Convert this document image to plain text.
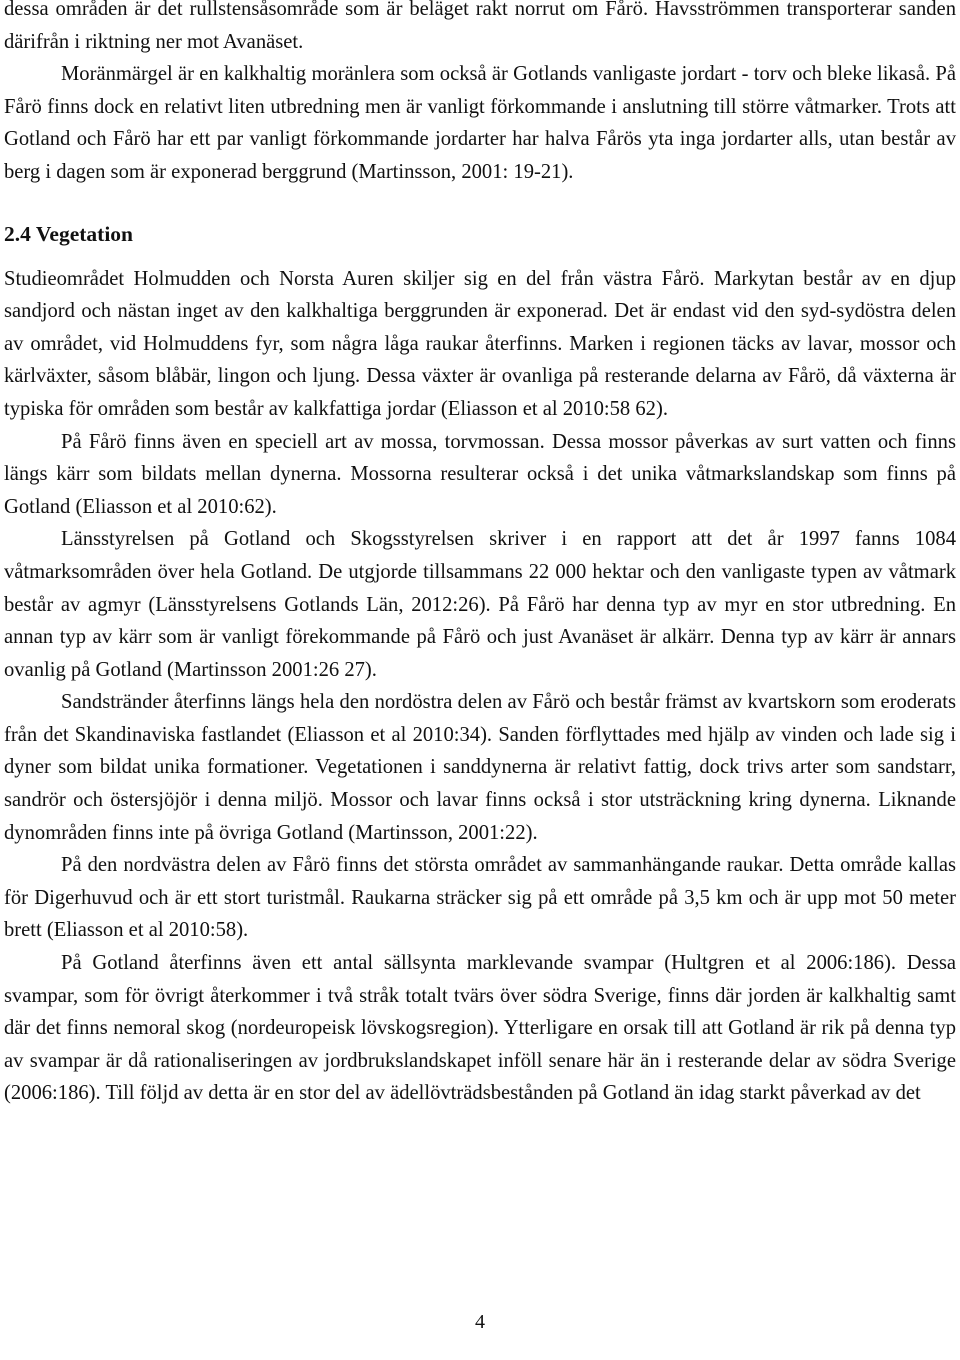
dessa områden är det rullstensåsområde som är beläget rakt norrut om Fårö. Havsströmmen transporterar sanden därifrån i riktning ner mot Avanäset.

Moränmärgel är en kalkhaltig moränlera som också är Gotlands vanligaste jordart - torv och bleke likaså. På Fårö finns dock en relativt liten utbredning men är vanligt förkommande i anslutning till större våtmarker. Trots att Gotland och Fårö har ett par vanligt förkommande jordarter har halva Fårös yta inga jordarter alls, utan består av berg i dagen som är exponerad berggrund (Martinsson, 2001: 19-21).

2.4 Vegetation

Studieområdet Holmudden och Norsta Auren skiljer sig en del från västra Fårö. Markytan består av en djup sandjord och nästan inget av den kalkhaltiga berggrunden är exponerad. Det är endast vid den syd-sydöstra delen av området, vid Holmuddens fyr, som några låga raukar återfinns. Marken i regionen täcks av lavar, mossor och kärlväxter, såsom blåbär, lingon och ljung. Dessa växter är ovanliga på resterande delarna av Fårö, då växterna är typiska för områden som består av kalkfattiga jordar (Eliasson et al 2010:58 62).

På Fårö finns även en speciell art av mossa, torvmossan. Dessa mossor påverkas av surt vatten och finns längs kärr som bildats mellan dynerna. Mossorna resulterar också i det unika våtmarkslandskap som finns på Gotland (Eliasson et al 2010:62).

Länsstyrelsen på Gotland och Skogsstyrelsen skriver i en rapport att det år 1997 fanns 1084 våtmarksområden över hela Gotland. De utgjorde tillsammans 22 000 hektar och den vanligaste typen av våtmark består av agmyr (Länsstyrelsens Gotlands Län, 2012:26). På Fårö har denna typ av myr en stor utbredning. En annan typ av kärr som är vanligt förekommande på Fårö och just Avanäset är alkärr. Denna typ av kärr är annars ovanlig på Gotland (Martinsson 2001:26 27).

Sandstränder återfinns längs hela den nordöstra delen av Fårö och består främst av kvartskorn som eroderats från det Skandinaviska fastlandet (Eliasson et al 2010:34). Sanden förflyttades med hjälp av vinden och lade sig i dyner som bildat unika formationer. Vegetationen i sanddynerna är relativt fattig, dock trivs arter som sandstarr, sandrör och östersjöjör i denna miljö. Mossor och lavar finns också i stor utsträckning kring dynerna. Liknande dynområden finns inte på övriga Gotland (Martinsson, 2001:22).

På den nordvästra delen av Fårö finns det största området av sammanhängande raukar. Detta område kallas för Digerhuvud och är ett stort turistmål. Raukarna sträcker sig på ett område på 3,5 km och är upp mot 50 meter brett (Eliasson et al 2010:58).

På Gotland återfinns även ett antal sällsynta marklevande svampar (Hultgren et al 2006:186). Dessa svampar, som för övrigt återkommer i två stråk totalt tvärs över södra Sverige, finns där jorden är kalkhaltig samt där det finns nemoral skog (nordeuropeisk lövskogsregion). Ytterligare en orsak till att Gotland är rik på denna typ av svampar är då rationaliseringen av jordbrukslandskapet inföll senare här än i resterande delar av södra Sverige (2006:186). Till följd av detta är en stor del av ädellövträdsbestånden på Gotland än idag starkt påverkad av det

4
